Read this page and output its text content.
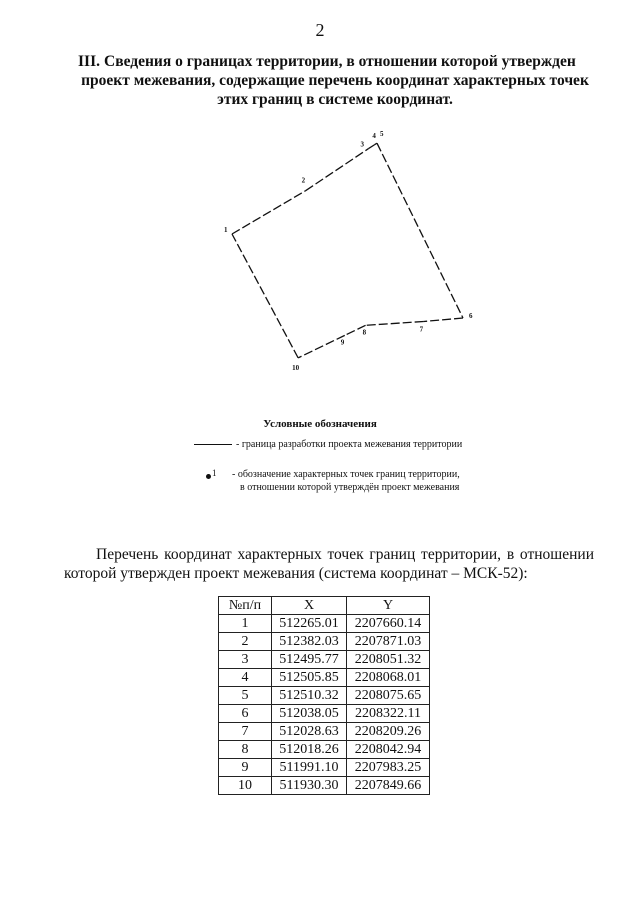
2
III. Сведения о границах территории, в отношении которой утвержден
проект межевания, содержащие перечень координат характерных точек
этих границ в системе координат.
1
2
3
4 5
6
7
8
9
10
Условные обозначения
- граница разработки проекта межевания территории
1 - обозначение характерных точек границ территории,
в отношении которой утверждён проект межевания
Перечень координат характерных точек границ территории, в отношении которой утвержден проект межевания (система координат – МСК-52):
№п/п	X	Y
1	512265.01	2207660.14
2	512382.03	2207871.03
3	512495.77	2208051.32
4	512505.85	2208068.01
5	512510.32	2208075.65
6	512038.05	2208322.11
7	512028.63	2208209.26
8	512018.26	2208042.94
9	511991.10	2207983.25
10	511930.30	2207849.66
